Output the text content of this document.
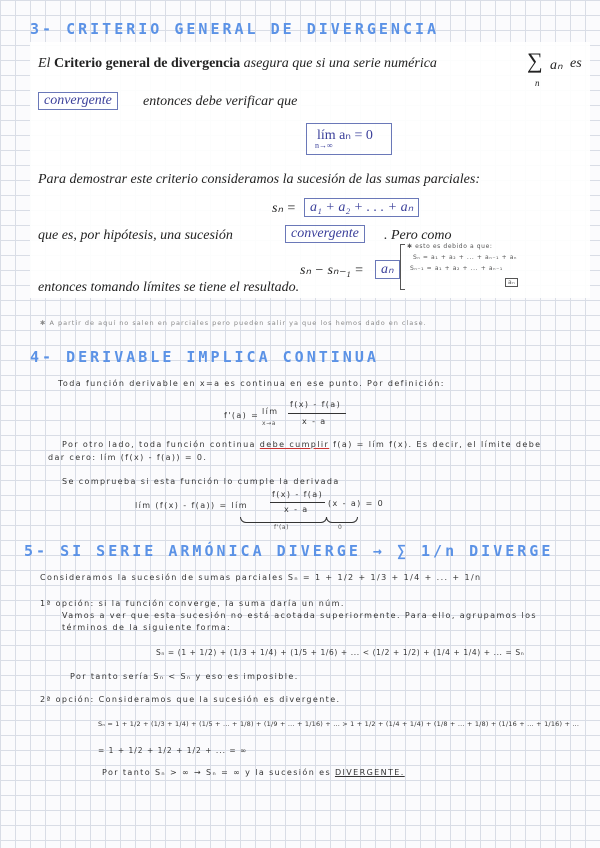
3- CRITERIO GENERAL DE DIVERGENCIA
El Criterio general de divergencia asegura que si una serie numérica	∑ aₙ
n
es
convergente	entonces debe verificar que
lím aₙ = 0
n→∞
Para demostrar este criterio consideramos la sucesión de las sumas parciales:
sₙ =	a₁ + a₂ + . . . + aₙ
que es, por hipótesis, una sucesión	convergente	. Pero como
sₙ − sₙ₋₁ =	aₙ
✱ esto es debido a que:
Sₙ = a₁ + a₂ + ... + aₙ₋₁ + aₙ
Sₙ₋₁ = a₁ + a₂ + ... + aₙ₋₁
aₙ
entonces tomando límites se tiene el resultado.
✱ A partir de aquí no salen en parciales pero pueden salir ya que los hemos dado en clase.
4- DERIVABLE IMPLICA CONTINUA
Toda función derivable en x=a es continua en ese punto. Por definición:
f'(a) = lím
x→a
f(x) - f(a)
x - a
Por otro lado, toda función continua debe cumplir f(a) = lím f(x). Es decir, el límite debe
dar cero: lím (f(x) - f(a)) = 0.
Se comprueba si esta función lo cumple la derivada
lím (f(x) - f(a)) = lím
f(x) - f(a)
x - a
(x - a) = 0
f'(a)	0
5- SI SERIE ARMÓNICA DIVERGE → ∑ 1/n DIVERGE
Consideramos la sucesión de sumas parciales Sₙ = 1 + 1/2 + 1/3 + 1/4 + ... + 1/n
1ª opción: si la función converge, la suma daría un núm.
Vamos a ver que esta sucesión no está acotada superiormente. Para ello, agrupamos los
términos de la siguiente forma:
Sₙ = (1 + 1/2) + (1/3 + 1/4) + (1/5 + 1/6) + ... < (1/2 + 1/2) + (1/4 + 1/4) + ... = Sₙ
Por tanto sería Sₙ < Sₙ y eso es imposible.
2ª opción: Consideramos que la sucesión es divergente.
Sₙ = 1 + 1/2 + (1/3 + 1/4) + (1/5 + ... + 1/8) + (1/9 + ... + 1/16) + ... > 1 + 1/2 + (1/4 + 1/4) + (1/8 + ... + 1/8) + (1/16 + ... + 1/16) + ...
= 1 + 1/2 + 1/2 + 1/2 + ... = ∞
Por tanto Sₙ > ∞ → Sₙ = ∞ y la sucesión es DIVERGENTE.
